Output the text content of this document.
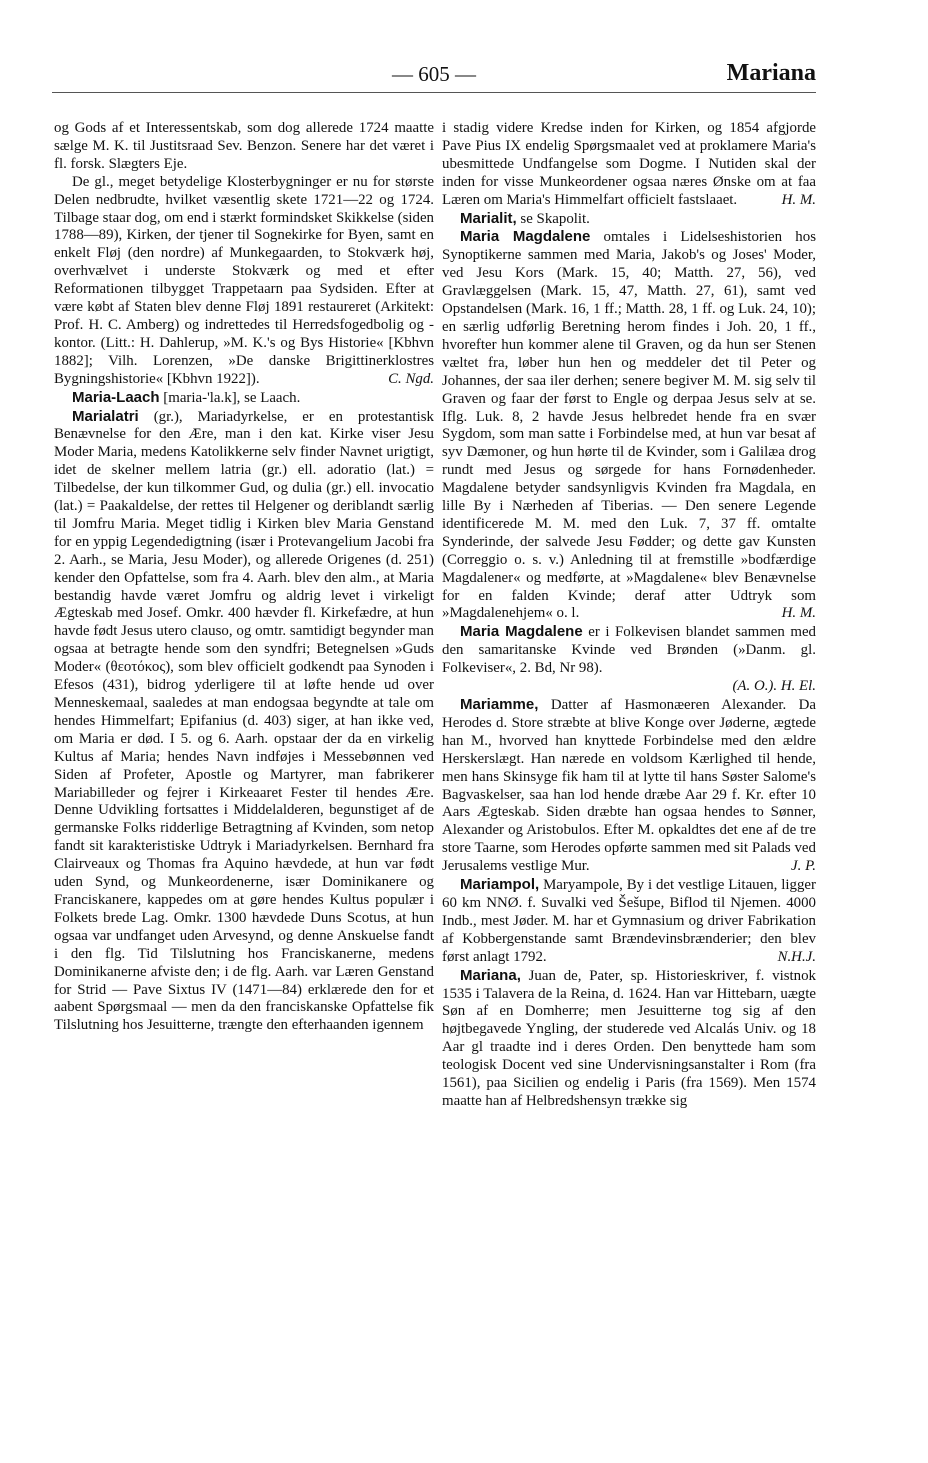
— 605 —	Mariana

og Gods af et Interessentskab, som dog allerede 1724 maatte sælge M. K. til Justitsraad Sev. Benzon. Senere har det været i fl. forsk. Slægters Eje.

De gl., meget betydelige Klosterbygninger er nu for største Delen nedbrudte, hvilket væsentlig skete 1721—22 og 1724. Tilbage staar dog, om end i stærkt formindsket Skikkelse (siden 1788—89), Kirken, der tjener til Sognekirke for Byen, samt en enkelt Fløj (den nordre) af Munkegaarden, to Stokværk høj, overhvælvet i underste Stokværk og med et efter Reformationen tilbygget Trappetaarn paa Sydsiden. Efter at være købt af Staten blev denne Fløj 1891 restaureret (Arkitekt: Prof. H. C. Amberg) og indrettedes til Herredsfogedbolig og -kontor. (Litt.: H. Dahlerup, »M. K.'s og Bys Historie« [Kbhvn 1882]; Vilh. Lorenzen, »De danske Brigittinerklostres Bygningshistorie« [Kbhvn 1922]).	C. Ngd.

Maria-Laach [maria-'la.k], se Laach.

Marialatri (gr.), Mariadyrkelse, er en protestantisk Benævnelse for den Ære, man i den kat. Kirke viser Jesu Moder Maria, medens Katolikkerne selv finder Navnet urigtigt, idet de skelner mellem latria (gr.) ell. adoratio (lat.) = Tilbedelse, der kun tilkommer Gud, og dulia (gr.) ell. invocatio (lat.) = Paakaldelse, der rettes til Helgener og deriblandt særlig til Jomfru Maria. Meget tidlig i Kirken blev Maria Genstand for en yppig Legendedigtning (især i Protevangelium Jacobi fra 2. Aarh., se Maria, Jesu Moder), og allerede Origenes (d. 251) kender den Opfattelse, som fra 4. Aarh. blev den alm., at Maria bestandig havde været Jomfru og aldrig levet i virkeligt Ægteskab med Josef. Omkr. 400 hævder fl. Kirkefædre, at hun havde født Jesus utero clauso, og omtr. samtidigt begynder man ogsaa at betragte hende som den syndfri; Betegnelsen »Guds Moder« (θεοτόκος), som blev officielt godkendt paa Synoden i Efesos (431), bidrog yderligere til at løfte hende ud over Menneskemaal, saaledes at man endogsaa begyndte at tale om hendes Himmelfart; Epifanius (d. 403) siger, at han ikke ved, om Maria er død. I 5. og 6. Aarh. opstaar der da en virkelig Kultus af Maria; hendes Navn indføjes i Messebønnen ved Siden af Profeter, Apostle og Martyrer, man fabrikerer Mariabilleder og fejrer i Kirkeaaret Fester til hendes Ære. Denne Udvikling fortsattes i Middelalderen, begunstiget af de germanske Folks ridderlige Betragtning af Kvinden, som netop fandt sit karakteristiske Udtryk i Mariadyrkelsen. Bernhard fra Clairveaux og Thomas fra Aquino hævdede, at hun var født uden Synd, og Munkeordenerne, især Dominikanere og Franciskanere, kappedes om at gøre hendes Kultus populær i Folkets brede Lag. Omkr. 1300 hævdede Duns Scotus, at hun ogsaa var undfanget uden Arvesynd, og denne Anskuelse fandt i den flg. Tid Tilslutning hos Franciskanerne, medens Dominikanerne afviste den; i de flg. Aarh. var Læren Genstand for Strid — Pave Sixtus IV (1471—84) erklærede den for et aabent Spørgsmaal — men da den franciskanske Opfattelse fik Tilslutning hos Jesuitterne, trængte den efterhaanden igennem

i stadig videre Kredse inden for Kirken, og 1854 afgjorde Pave Pius IX endelig Spørgsmaalet ved at proklamere Maria's ubesmittede Undfangelse som Dogme. I Nutiden skal der inden for visse Munkeordener ogsaa næres Ønske om at faa Læren om Maria's Himmelfart officielt fastslaaet.	H. M.

Marialit, se Skapolit.

Maria Magdalene omtales i Lidelseshistorien hos Synoptikerne sammen med Maria, Jakob's og Joses' Moder, ved Jesu Kors (Mark. 15, 40; Matth. 27, 56), ved Gravlæggelsen (Mark. 15, 47, Matth. 27, 61), samt ved Opstandelsen (Mark. 16, 1 ff.; Matth. 28, 1 ff. og Luk. 24, 10); en særlig udførlig Beretning herom findes i Joh. 20, 1 ff., hvorefter hun kommer alene til Graven, og da hun ser Stenen væltet fra, løber hun hen og meddeler det til Peter og Johannes, der saa iler derhen; senere begiver M. M. sig selv til Graven og faar der først to Engle og derpaa Jesus selv at se. Iflg. Luk. 8, 2 havde Jesus helbredet hende fra en svær Sygdom, som man satte i Forbindelse med, at hun var besat af syv Dæmoner, og hun hørte til de Kvinder, som i Galilæa drog rundt med Jesus og sørgede for hans Fornødenheder. Magdalene betyder sandsynligvis Kvinden fra Magdala, en lille By i Nærheden af Tiberias. — Den senere Legende identificerede M. M. med den Luk. 7, 37 ff. omtalte Synderinde, der salvede Jesu Fødder; og dette gav Kunsten (Correggio o. s. v.) Anledning til at fremstille »bodfærdige Magdalener« og medførte, at »Magdalene« blev Benævnelse for en falden Kvinde; deraf atter Udtryk som »Magdalenehjem« o. l.	H. M.

Maria Magdalene er i Folkevisen blandet sammen med den samaritanske Kvinde ved Brønden (»Danm. gl. Folkeviser«, 2. Bd, Nr 98).

(A. O.). H. El.

Mariamme, Datter af Hasmonæeren Alexander. Da Herodes d. Store stræbte at blive Konge over Jøderne, ægtede han M., hvorved han knyttede Forbindelse med den ældre Herskerslægt. Han nærede en voldsom Kærlighed til hende, men hans Skinsyge fik ham til at lytte til hans Søster Salome's Bagvaskelser, saa han lod hende dræbe Aar 29 f. Kr. efter 10 Aars Ægteskab. Siden dræbte han ogsaa hendes to Sønner, Alexander og Aristobulos. Efter M. opkaldtes det ene af de tre store Taarne, som Herodes opførte sammen med sit Palads ved Jerusalems vestlige Mur.	J. P.

Mariampol, Maryampole, By i det vestlige Litauen, ligger 60 km NNØ. f. Suvalki ved Šešupe, Biflod til Njemen. 4000 Indb., mest Jøder. M. har et Gymnasium og driver Fabrikation af Kobbergenstande samt Brændevinsbrænderier; den blev først anlagt 1792.	N.H.J.

Mariana, Juan de, Pater, sp. Historieskriver, f. vistnok 1535 i Talavera de la Reina, d. 1624. Han var Hittebarn, uægte Søn af en Domherre; men Jesuitterne tog sig af den højtbegavede Yngling, der studerede ved Alcalás Univ. og 18 Aar gl traadte ind i deres Orden. Den benyttede ham som teologisk Docent ved sine Undervisningsanstalter i Rom (fra 1561), paa Sicilien og endelig i Paris (fra 1569). Men 1574 maatte han af Helbredshensyn trække sig
